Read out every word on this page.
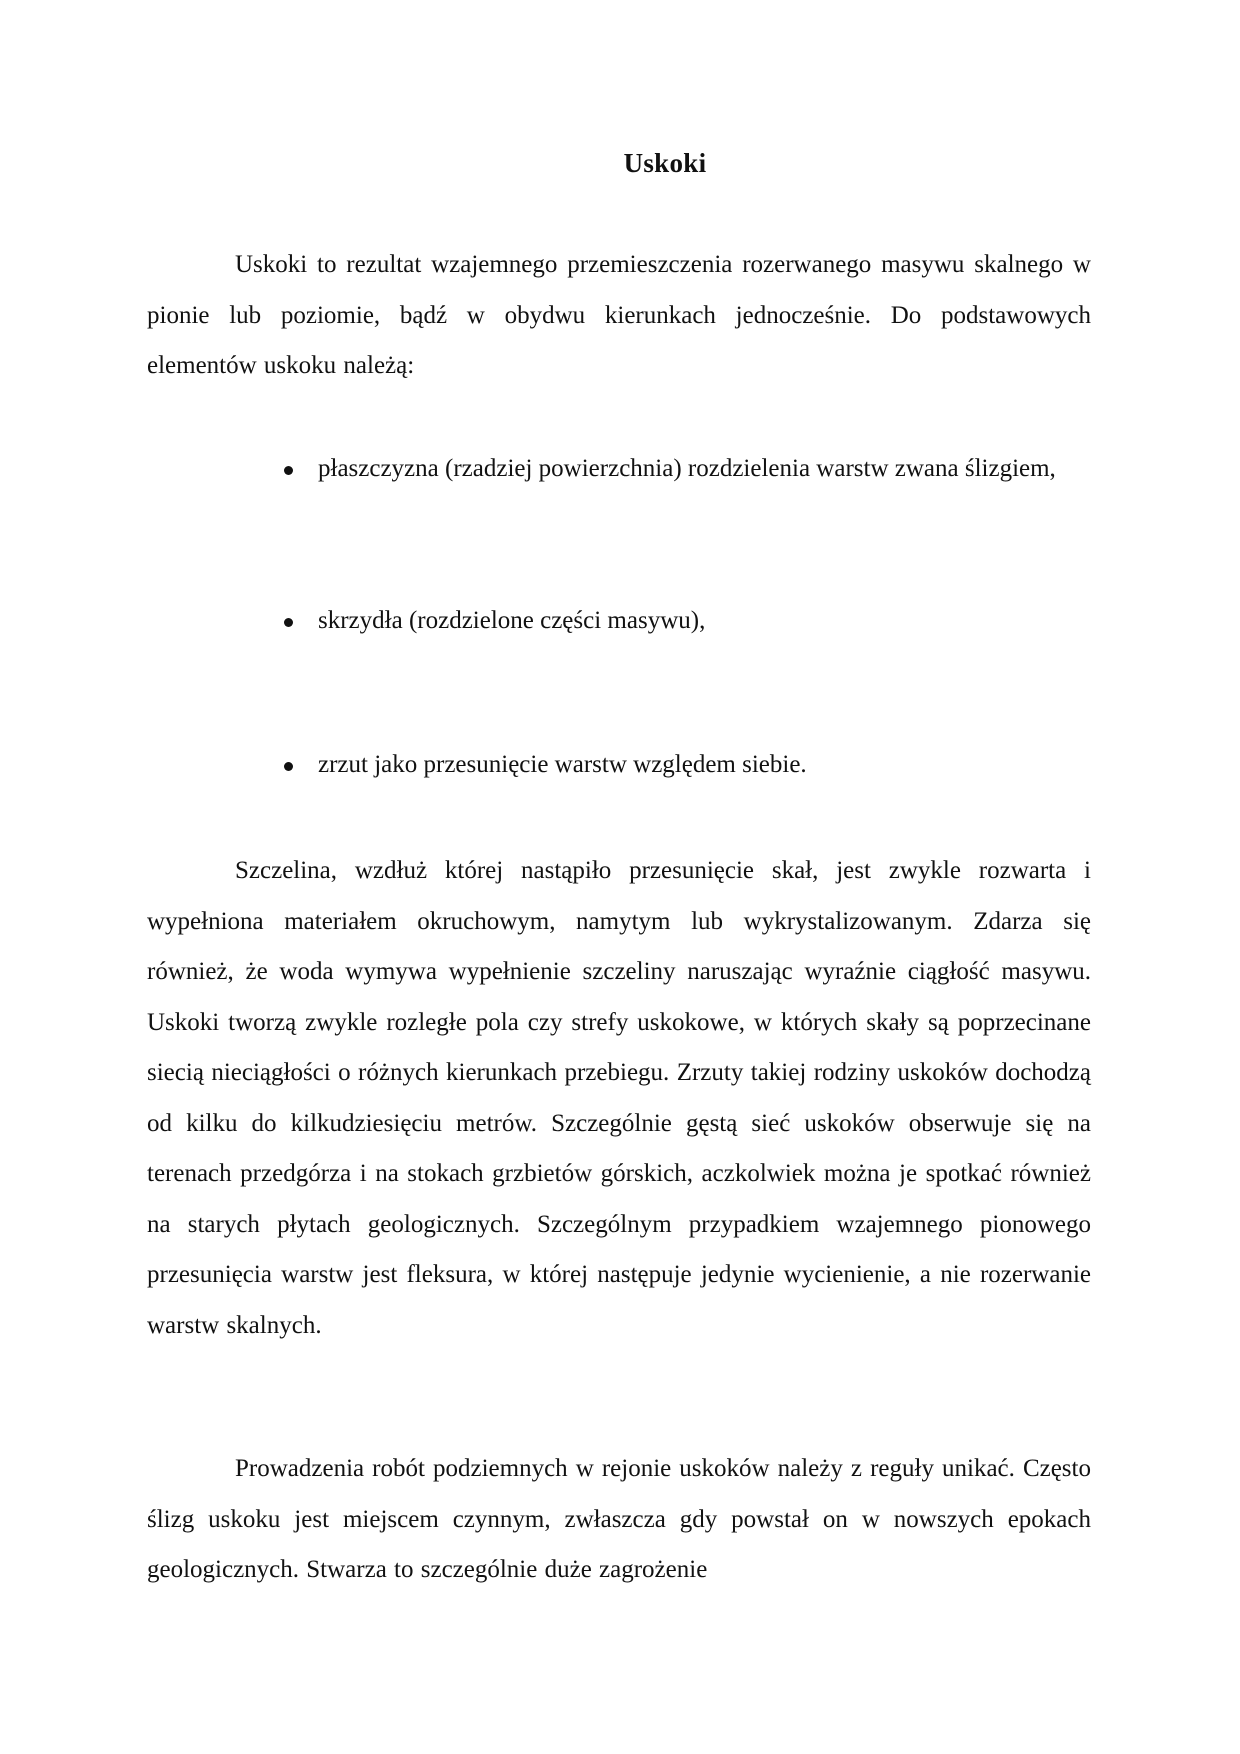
Uskoki

Uskoki to rezultat wzajemnego przemieszczenia rozerwanego masywu skalnego w pionie lub poziomie, bądź w obydwu kierunkach jednocześnie. Do podstawowych elementów uskoku należą:

płaszczyzna (rzadziej powierzchnia) rozdzielenia warstw zwana ślizgiem,
skrzydła (rozdzielone części masywu),
zrzut jako przesunięcie warstw względem siebie.

Szczelina, wzdłuż której nastąpiło przesunięcie skał, jest zwykle rozwarta i wypełniona materiałem okruchowym, namytym lub wykrystalizowanym. Zdarza się również, że woda wymywa wypełnienie szczeliny naruszając wyraźnie ciągłość masywu. Uskoki tworzą zwykle rozległe pola czy strefy uskokowe, w których skały są poprzecinane siecią nieciągłości o różnych kierunkach przebiegu. Zrzuty takiej rodziny uskoków dochodzą od kilku do kilkudziesięciu metrów. Szczególnie gęstą sieć uskoków obserwuje się na terenach przedgórza i na stokach grzbietów górskich, aczkolwiek można je spotkać również na starych płytach geologicznych. Szczególnym przypadkiem wzajemnego pionowego przesunięcia warstw jest fleksura, w której następuje jedynie wycienienie, a nie rozerwanie warstw skalnych.

Prowadzenia robót podziemnych w rejonie uskoków należy z reguły unikać. Często ślizg uskoku jest miejscem czynnym, zwłaszcza gdy powstał on w nowszych epokach geologicznych. Stwarza to szczególnie duże zagrożenie
